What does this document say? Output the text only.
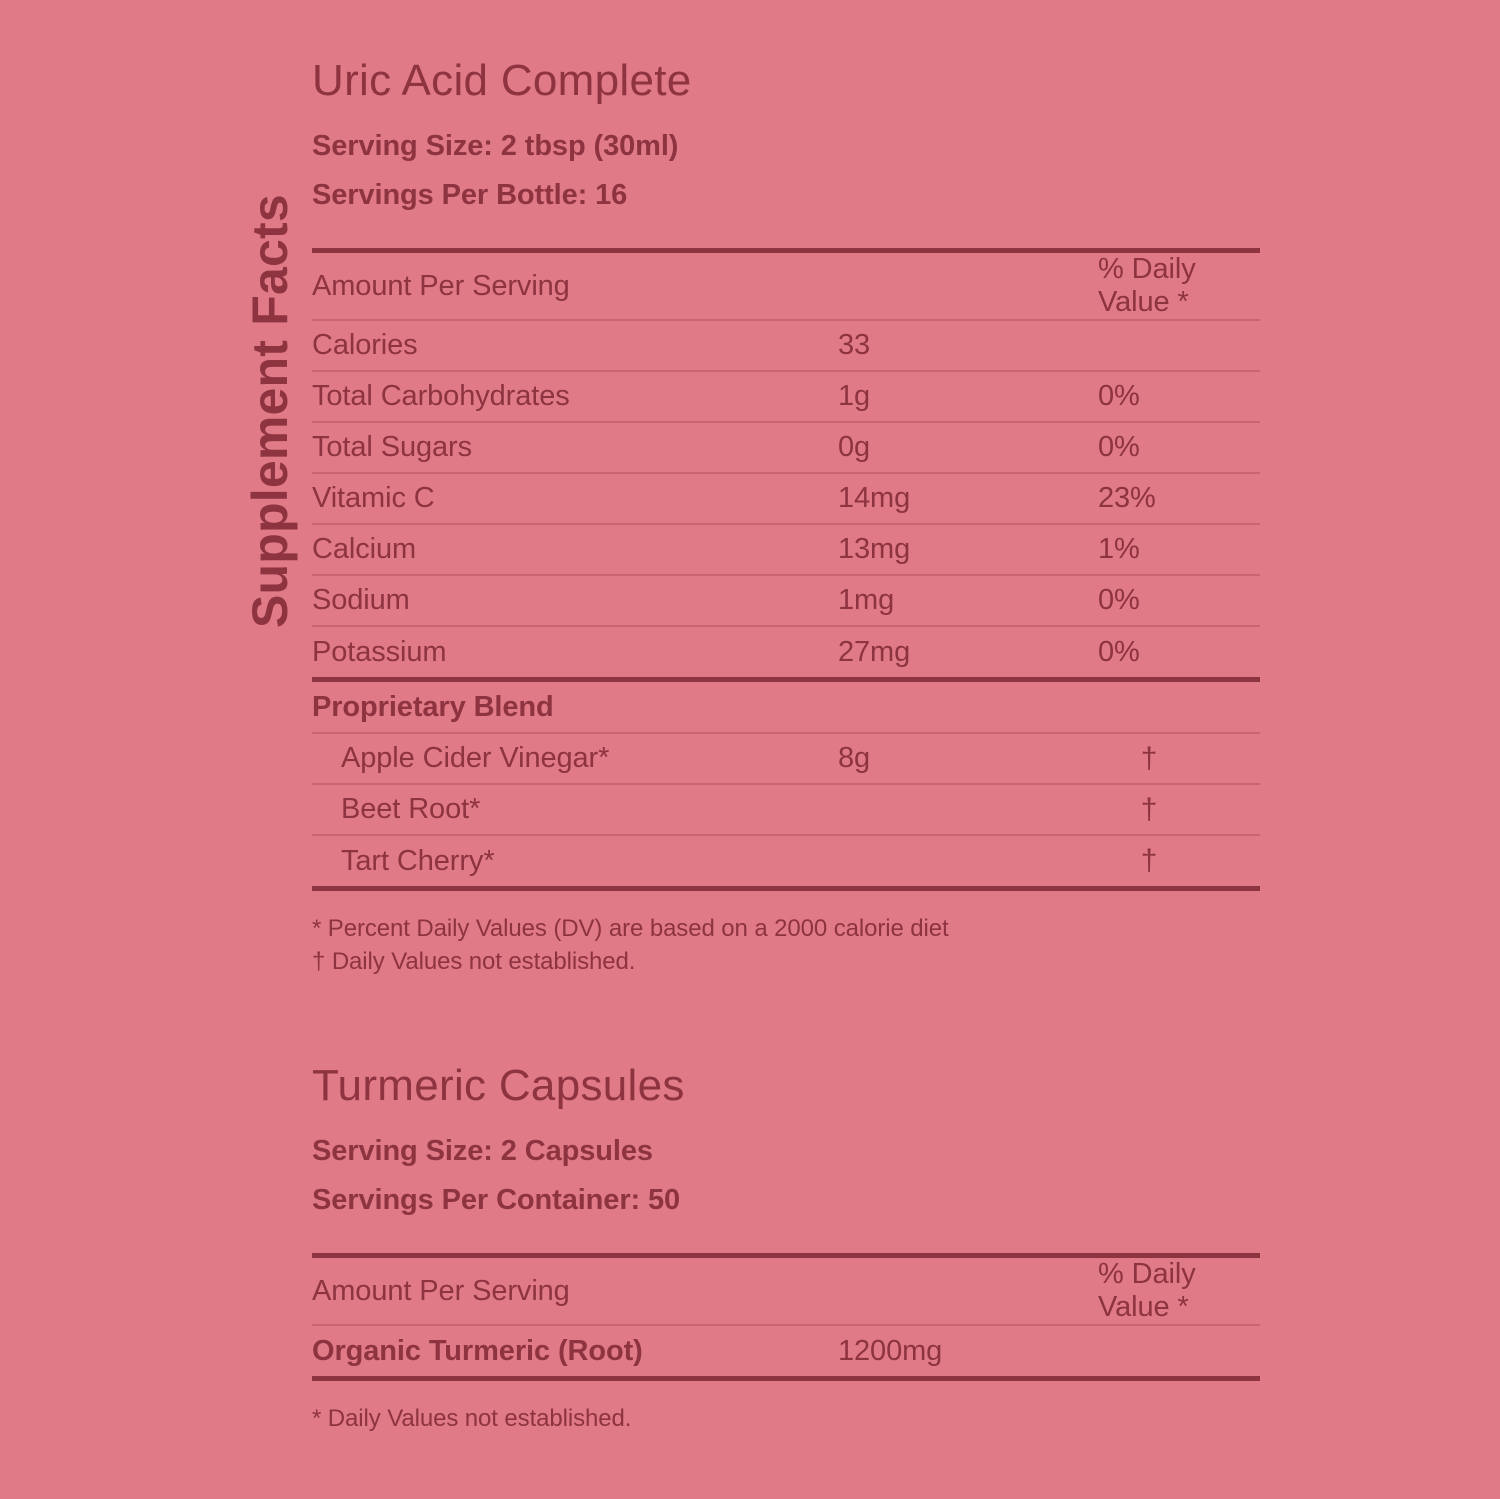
Supplement Facts
Uric Acid Complete
Serving Size: 2 tbsp (30ml)
Servings Per Bottle: 16
Amount Per Serving		% Daily Value *
Calories	33	
Total Carbohydrates	1g	0%
Total Sugars	0g	0%
Vitamic C	14mg	23%
Calcium	13mg	1%
Sodium	1mg	0%
Potassium	27mg	0%
Proprietary Blend		
Apple Cider Vinegar*	8g	†
Beet Root*		†
Tart Cherry*		†
* Percent Daily Values (DV) are based on a 2000 calorie diet
† Daily Values not established.
Turmeric Capsules
Serving Size: 2 Capsules
Servings Per Container: 50
Amount Per Serving		% Daily Value *
Organic Turmeric (Root)	1200mg	
* Daily Values not established.
